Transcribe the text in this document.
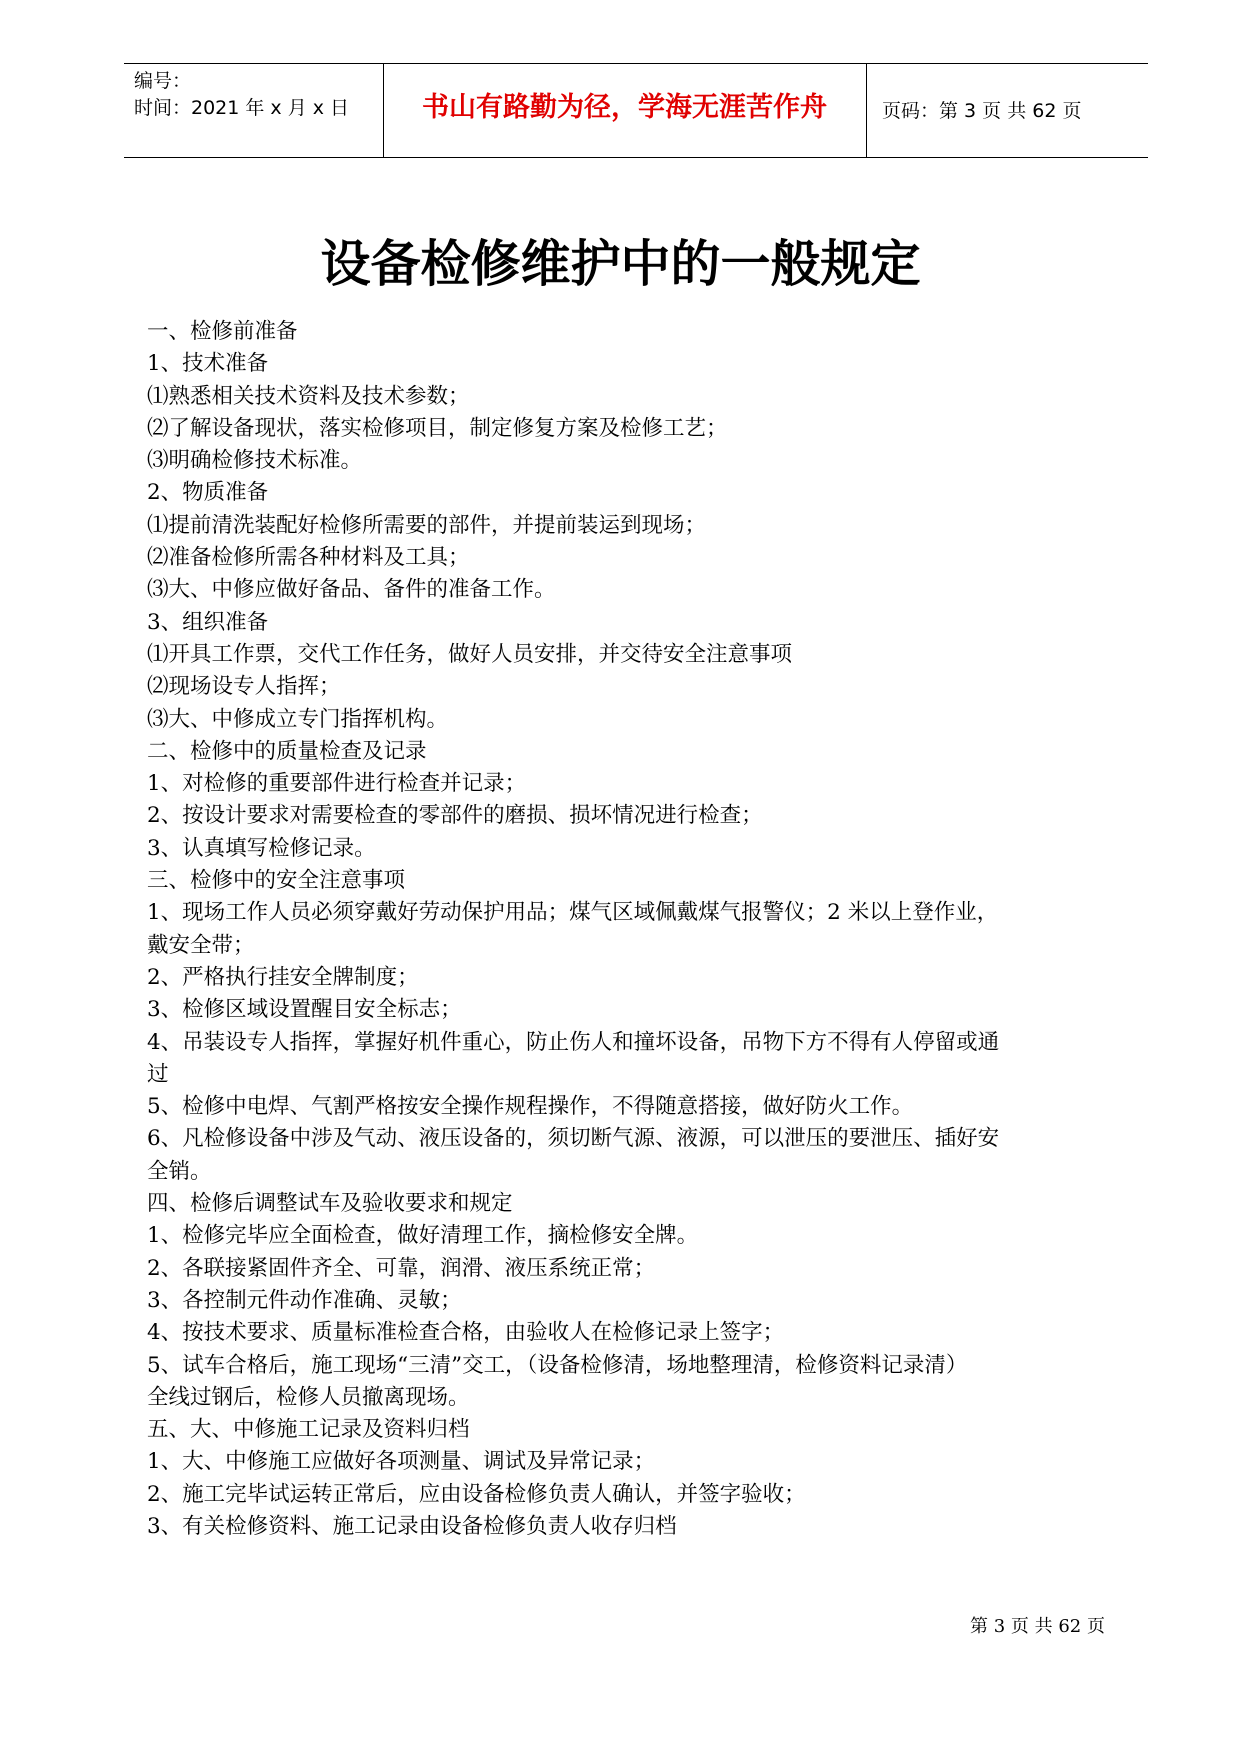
编号：
时间：2021 年 x 月 x 日	书山有路勤为径，学海无涯苦作舟	页码：第 3 页 共 62 页
设备检修维护中的一般规定

一、检修前准备

1、技术准备

⑴熟悉相关技术资料及技术参数；

⑵了解设备现状，落实检修项目，制定修复方案及检修工艺；

⑶明确检修技术标准。

2、物质准备

⑴提前清洗装配好检修所需要的部件，并提前装运到现场；

⑵准备检修所需各种材料及工具；

⑶大、中修应做好备品、备件的准备工作。

3、组织准备

⑴开具工作票，交代工作任务，做好人员安排，并交待安全注意事项

⑵现场设专人指挥；

⑶大、中修成立专门指挥机构。

二、检修中的质量检查及记录

1、对检修的重要部件进行检查并记录；

2、按设计要求对需要检查的零部件的磨损、损坏情况进行检查；

3、认真填写检修记录。

三、检修中的安全注意事项

1、现场工作人员必须穿戴好劳动保护用品；煤气区域佩戴煤气报警仪；2 米以上登作业，

戴安全带；

2、严格执行挂安全牌制度；

3、检修区域设置醒目安全标志；

4、吊装设专人指挥，掌握好机件重心，防止伤人和撞坏设备，吊物下方不得有人停留或通

过

5、检修中电焊、气割严格按安全操作规程操作，不得随意搭接，做好防火工作。

6、凡检修设备中涉及气动、液压设备的，须切断气源、液源，可以泄压的要泄压、插好安

全销。

四、检修后调整试车及验收要求和规定

1、检修完毕应全面检查，做好清理工作，摘检修安全牌。

2、各联接紧固件齐全、可靠，润滑、液压系统正常；

3、各控制元件动作准确、灵敏；

4、按技术要求、质量标准检查合格，由验收人在检修记录上签字；

5、试车合格后，施工现场“三清”交工，（设备检修清，场地整理清，检修资料记录清）

全线过钢后，检修人员撤离现场。

五、大、中修施工记录及资料归档

1、大、中修施工应做好各项测量、调试及异常记录；

2、施工完毕试运转正常后，应由设备检修负责人确认，并签字验收；

3、有关检修资料、施工记录由设备检修负责人收存归档

第 3 页 共 62 页
